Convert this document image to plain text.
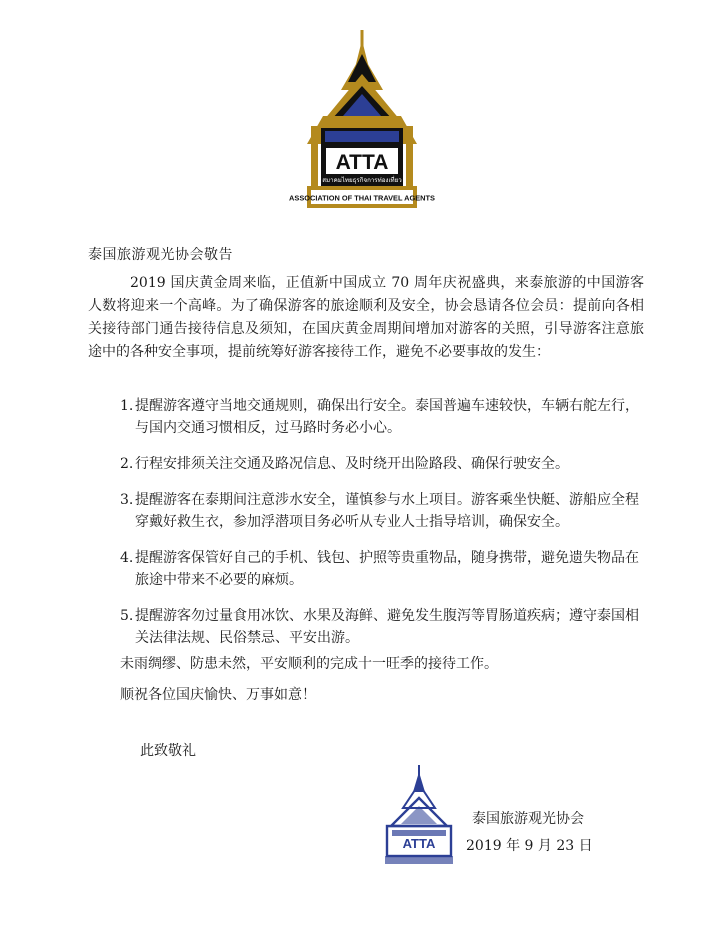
ATTA
สมาคมไทยธุรกิจการท่องเที่ยว
ASSOCIATION OF THAI TRAVEL AGENTS
泰国旅游观光协会敬告

2019 国庆黄金周来临，正值新中国成立 70 周年庆祝盛典，来泰旅游的中国游客人数将迎来一个高峰。为了确保游客的旅途顺利及安全，协会恳请各位会员：提前向各相关接待部门通告接待信息及须知，在国庆黄金周期间增加对游客的关照，引导游客注意旅途中的各种安全事项，提前统筹好游客接待工作，避免不必要事故的发生：

1. 提醒游客遵守当地交通规则，确保出行安全。泰国普遍车速较快，车辆右舵左行，与国内交通习惯相反，过马路时务必小心。
2. 行程安排须关注交通及路况信息、及时绕开出险路段、确保行驶安全。
3. 提醒游客在泰期间注意涉水安全，谨慎参与水上项目。游客乘坐快艇、游船应全程穿戴好救生衣，参加浮潜项目务必听从专业人士指导培训，确保安全。
4. 提醒游客保管好自己的手机、钱包、护照等贵重物品，随身携带，避免遗失物品在旅途中带来不必要的麻烦。
5. 提醒游客勿过量食用冰饮、水果及海鲜、避免发生腹泻等胃肠道疾病；遵守泰国相关法律法规、民俗禁忌、平安出游。
未雨绸缪、防患未然，平安顺利的完成十一旺季的接待工作。
顺祝各位国庆愉快、万事如意！
此致敬礼
ATTA
泰国旅游观光协会
2019 年 9 月 23 日
